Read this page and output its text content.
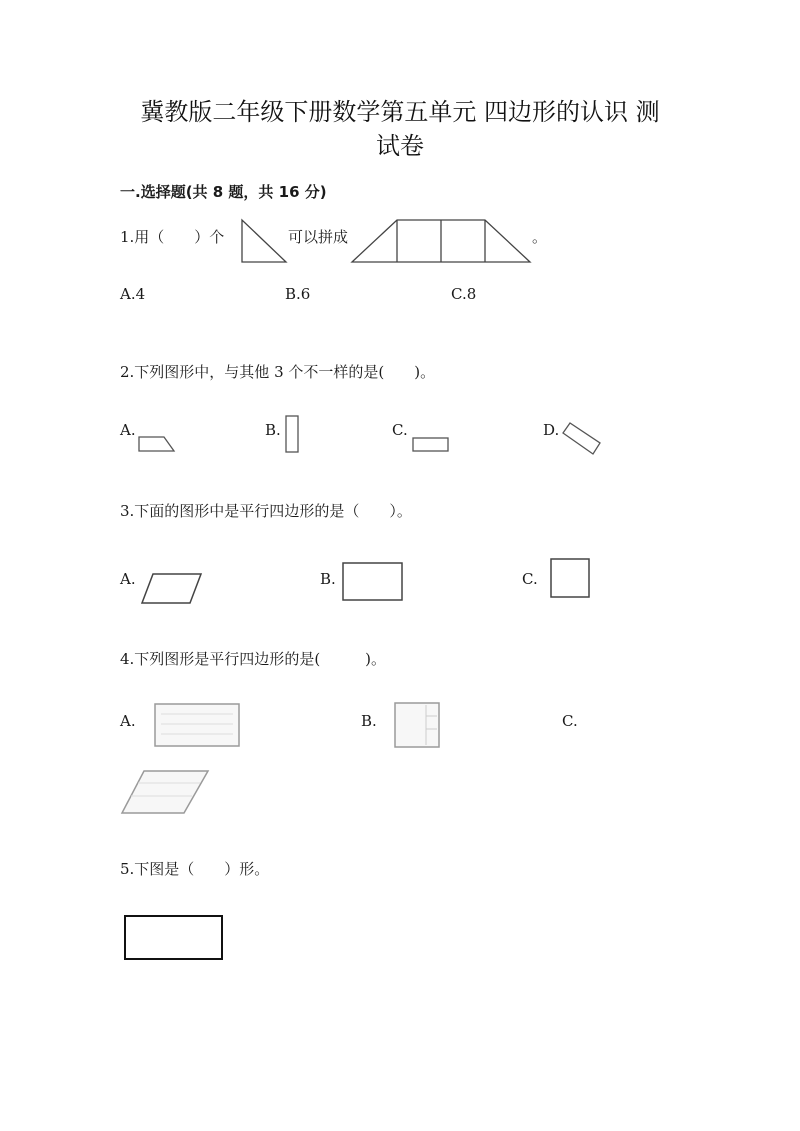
冀教版二年级下册数学第五单元 四边形的认识 测
试卷
一.选择题(共 8 题，共 16 分)
1.用（　　）个	可以拼成	。
A.4	B.6	C.8
2.下列图形中，与其他 3 个不一样的是(　　)。
A.	B.	C.	D.
3.下面的图形中是平行四边形的是（　　）。
A.	B.	C.
4.下列图形是平行四边形的是(　　　)。
A.	B.	C.
5.下图是（　　）形。
